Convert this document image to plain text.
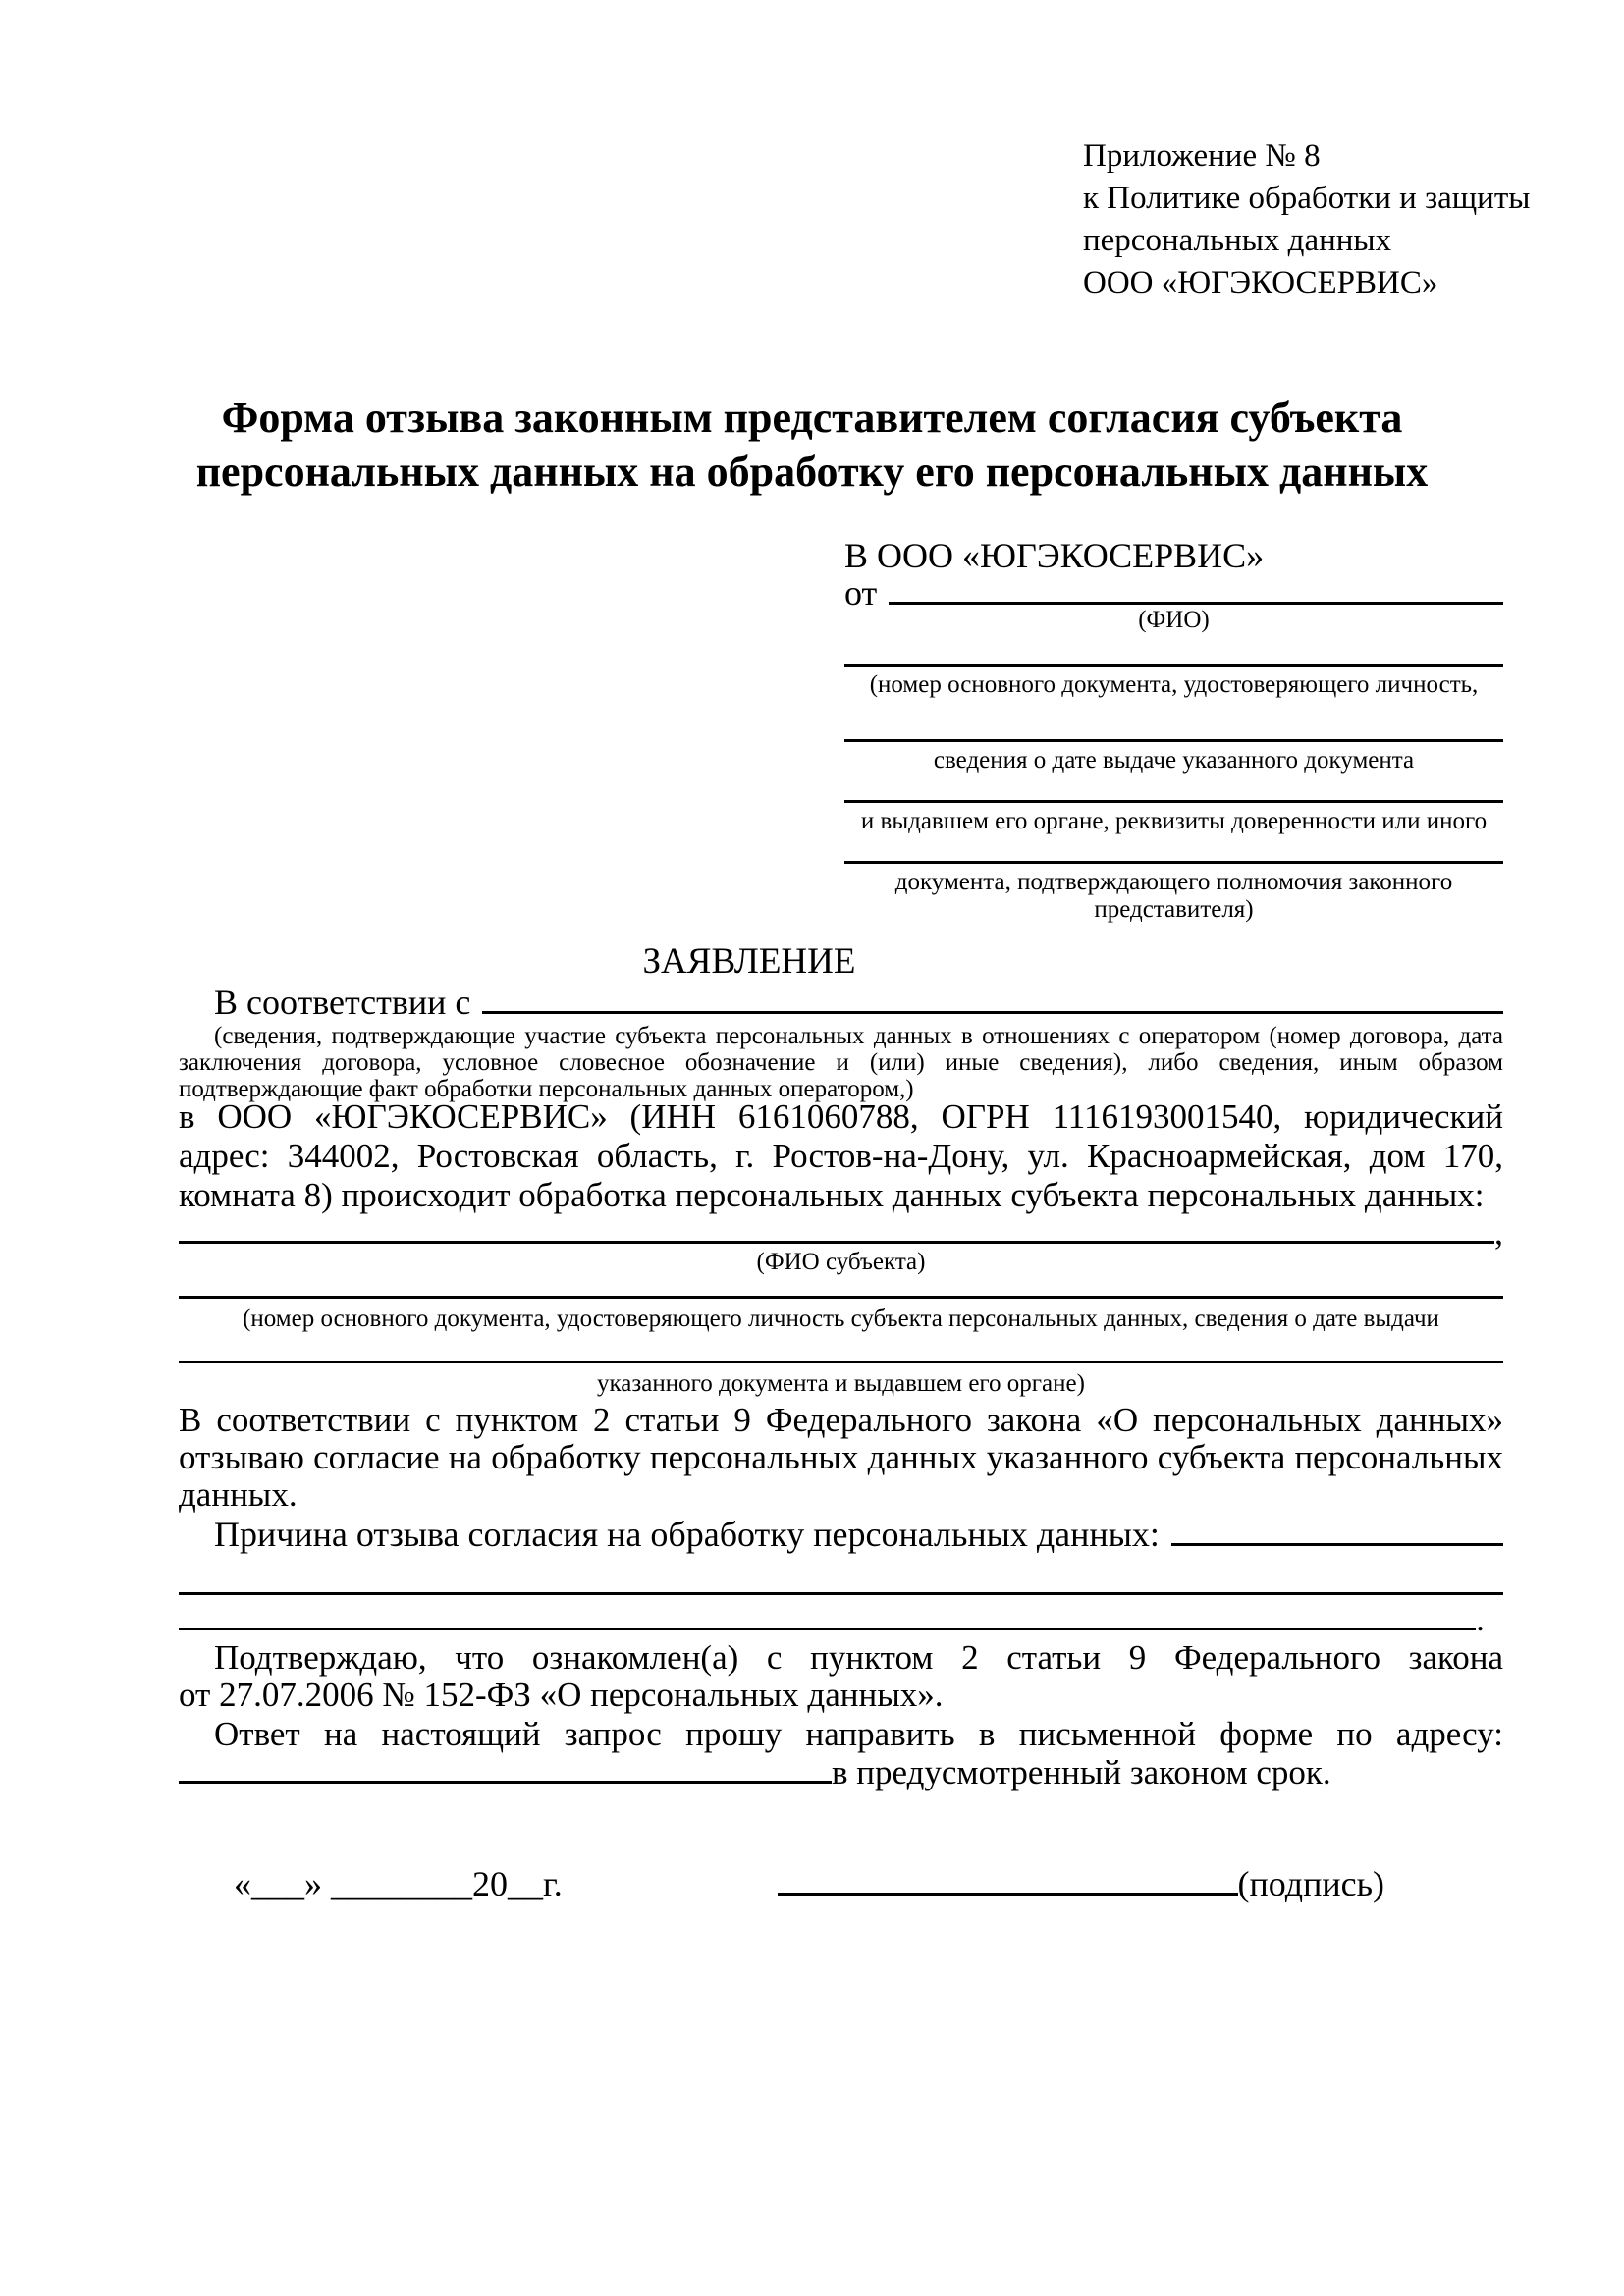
Приложение № 8
к Политике обработки и защиты
персональных данных
ООО «ЮГЭКОСЕРВИС»
Форма отзыва законным представителем согласия субъекта
персональных данных на обработку его персональных данных
В ООО «ЮГЭКОСЕРВИС»
от
(ФИО)
(номер основного документа, удостоверяющего личность,
сведения о дате выдаче указанного документа
и выдавшем его органе, реквизиты доверенности или иного
документа, подтверждающего полномочия законного представителя)
ЗАЯВЛЕНИЕ
В соответствии с
(сведения, подтверждающие участие субъекта персональных данных в отношениях с оператором (номер договора, дата заключения договора, условное словесное обозначение и (или) иные сведения), либо сведения, иным образом подтверждающие факт обработки персональных данных оператором,)
в ООО «ЮГЭКОСЕРВИС» (ИНН 6161060788, ОГРН 1116193001540, юридический адрес: 344002, Ростовская область, г. Ростов-на-Дону, ул. Красноармейская, дом 170, комната 8) происходит обработка персональных данных субъекта персональных данных:
,
(ФИО субъекта)
(номер основного документа, удостоверяющего личность субъекта персональных данных, сведения о дате выдачи
указанного документа и выдавшем его органе)
В соответствии с пунктом 2 статьи 9 Федерального закона «О персональных данных» отзываю согласие на обработку персональных данных указанного субъекта персональных данных.
Причина отзыва согласия на обработку персональных данных:
.
Подтверждаю, что ознакомлен(а) с пунктом 2 статьи 9 Федерального закона
от 27.07.2006 № 152-ФЗ «О персональных данных».
Ответ на настоящий запрос прошу направить в письменной форме по адресу:
в предусмотренный законом срок.
«___» ________20__г.	(подпись)
